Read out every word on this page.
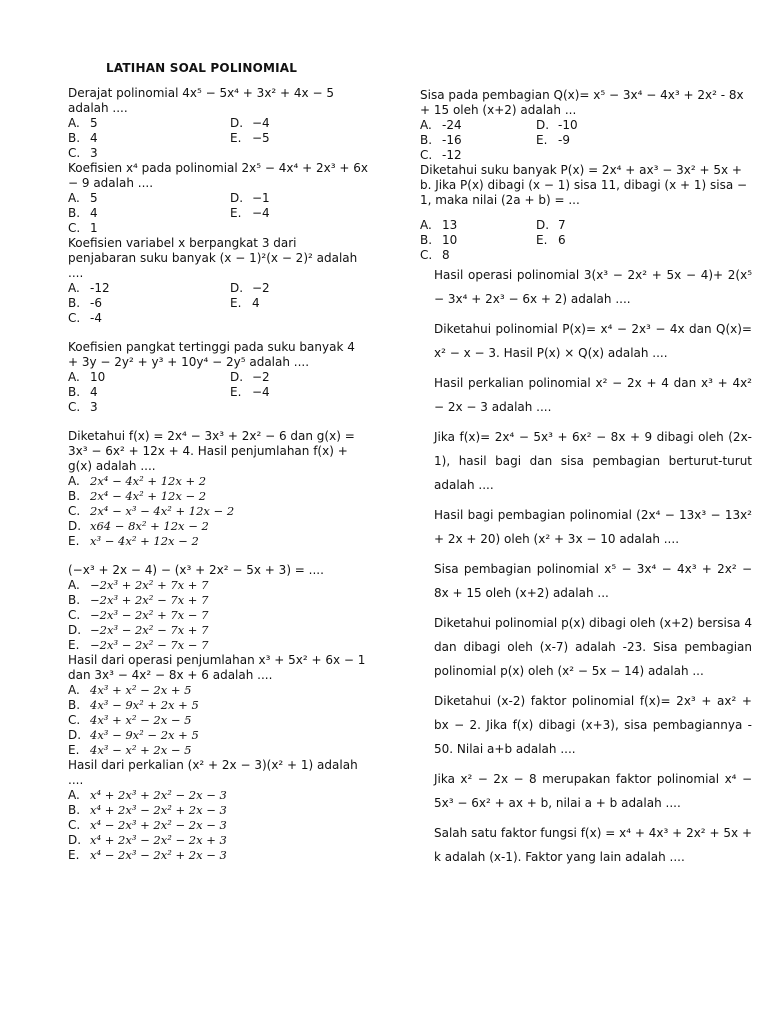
LATIHAN SOAL POLINOMIAL

Derajat polinomial 4x⁵ − 5x⁴ + 3x² + 4x − 5 adalah ....

A. 5	D. −4
B. 4	E. −5
C. 3

Koefisien x⁴ pada polinomial 2x⁵ − 4x⁴ + 2x³ + 6x − 9 adalah ....

A. 5	D. −1
B. 4	E. −4
C. 1

Koefisien variabel x berpangkat 3 dari penjabaran suku banyak (x − 1)²(x − 2)² adalah ....

A. -12	D. −2
B. -6	E. 4
C. -4

Koefisien pangkat tertinggi pada suku banyak 4 + 3y − 2y² + y³ + 10y⁴ − 2y⁵ adalah ....

A. 10	D. −2
B. 4	E. −4
C. 3

Diketahui f(x) = 2x⁴ − 3x³ + 2x² − 6 dan g(x) = 3x³ − 6x² + 12x + 4. Hasil penjumlahan f(x) + g(x) adalah ....

A. 2x⁴ − 4x² + 12x + 2
B. 2x⁴ − 4x² + 12x − 2
C. 2x⁴ − x³ − 4x² + 12x − 2
D. x64 − 8x² + 12x − 2
E. x³ − 4x² + 12x − 2

(−x³ + 2x − 4) − (x³ + 2x² − 5x + 3) = ....

A. −2x³ + 2x² + 7x + 7
B. −2x³ + 2x² − 7x + 7
C. −2x³ − 2x² + 7x − 7
D. −2x³ − 2x² − 7x + 7
E. −2x³ − 2x² − 7x − 7

Hasil dari operasi penjumlahan x³ + 5x² + 6x − 1 dan 3x³ − 4x² − 8x + 6 adalah ....

A. 4x³ + x² − 2x + 5
B. 4x³ − 9x² + 2x + 5
C. 4x³ + x² − 2x − 5
D. 4x³ − 9x² − 2x + 5
E. 4x³ − x² + 2x − 5

Hasil dari perkalian (x² + 2x − 3)(x² + 1) adalah ....

A. x⁴ + 2x³ + 2x² − 2x − 3
B. x⁴ + 2x³ − 2x² + 2x − 3
C. x⁴ − 2x³ + 2x² − 2x − 3
D. x⁴ + 2x³ − 2x² − 2x + 3
E. x⁴ − 2x³ − 2x² + 2x − 3

Sisa pada pembagian Q(x)= x⁵ − 3x⁴ − 4x³ + 2x² - 8x + 15 oleh (x+2) adalah ...

A. -24	D. -10
B. -16	E. -9
C. -12

Diketahui suku banyak P(x) = 2x⁴ + ax³ − 3x² + 5x + b. Jika P(x) dibagi (x − 1) sisa 11, dibagi (x + 1) sisa − 1, maka nilai (2a + b) = ...

A. 13	D. 7
B. 10	E. 6
C. 8

Hasil operasi polinomial 3(x³ − 2x² + 5x − 4)+ 2(x⁵ − 3x⁴ + 2x³ − 6x + 2) adalah ....

Diketahui polinomial P(x)= x⁴ − 2x³ − 4x dan Q(x)= x² − x − 3. Hasil P(x) × Q(x) adalah ....

Hasil perkalian polinomial x² − 2x + 4 dan x³ + 4x² − 2x − 3 adalah ....

Jika f(x)= 2x⁴ − 5x³ + 6x² − 8x + 9 dibagi oleh (2x-1), hasil bagi dan sisa pembagian berturut-turut adalah ....

Hasil bagi pembagian polinomial (2x⁴ − 13x³ − 13x² + 2x + 20) oleh (x² + 3x − 10 adalah ....

Sisa pembagian polinomial x⁵ − 3x⁴ − 4x³ + 2x² − 8x + 15 oleh (x+2) adalah ...

Diketahui polinomial p(x) dibagi oleh (x+2) bersisa 4 dan dibagi oleh (x-7) adalah -23. Sisa pembagian polinomial p(x) oleh (x² − 5x − 14) adalah ...

Diketahui (x-2) faktor polinomial f(x)= 2x³ + ax² + bx − 2. Jika f(x) dibagi (x+3), sisa pembagiannya - 50. Nilai a+b adalah ....

Jika x² − 2x − 8 merupakan faktor polinomial x⁴ − 5x³ − 6x² + ax + b, nilai a + b adalah ....

Salah satu faktor fungsi f(x) = x⁴ + 4x³ + 2x² + 5x + k adalah (x-1). Faktor yang lain adalah ....
